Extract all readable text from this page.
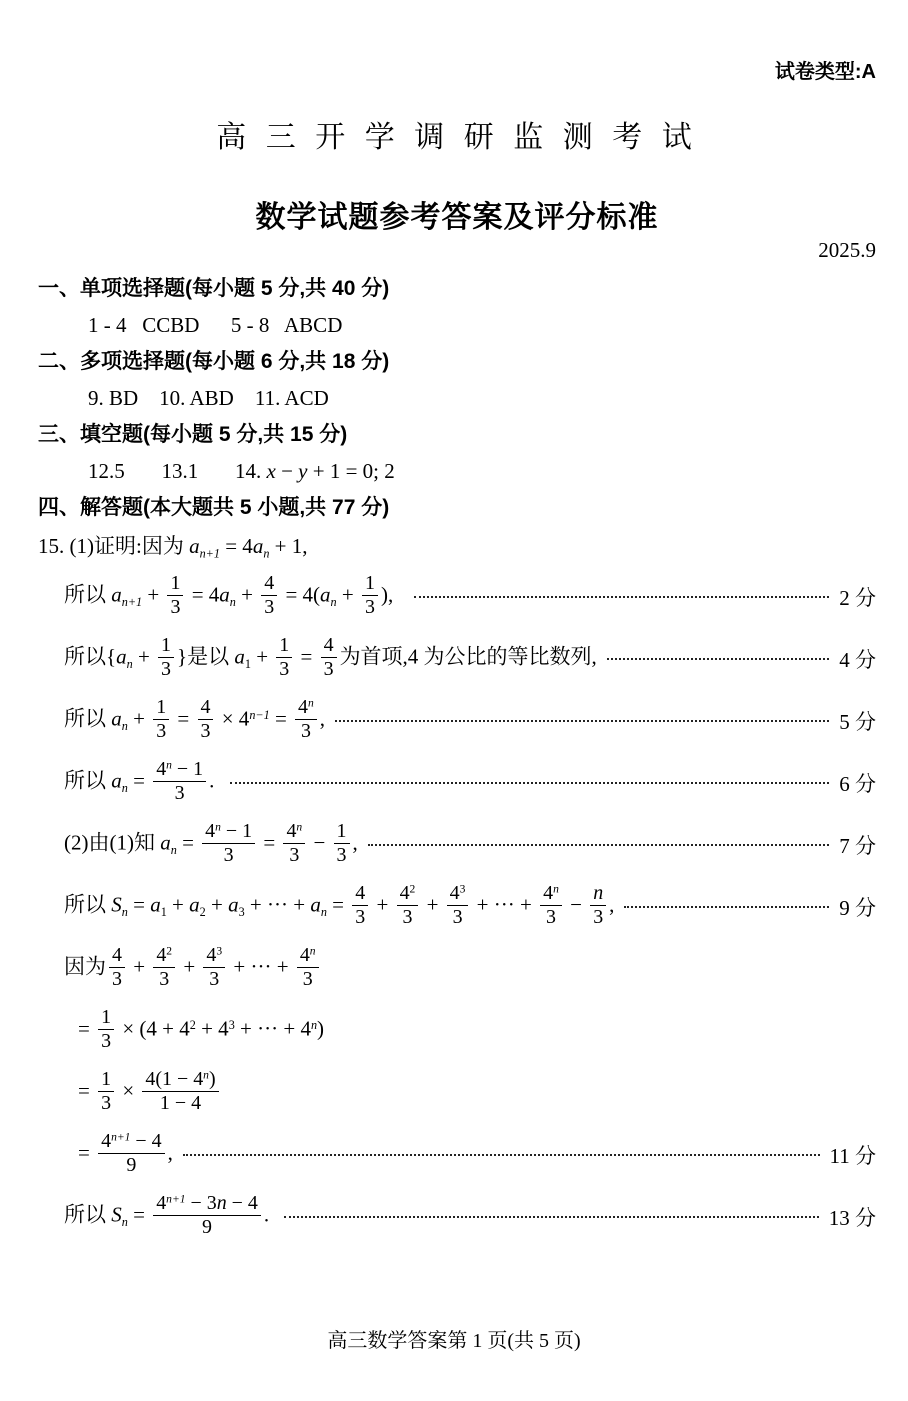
试卷类型:A
高 三 开 学 调 研 监 测 考 试
数学试题参考答案及评分标准
2025.9
一、单项选择题(每小题 5 分,共 40 分)
1 - 4   CCBD      5 - 8   ABCD
二、多项选择题(每小题 6 分,共 18 分)
9. BD    10. ABD    11. ACD
三、填空题(每小题 5 分,共 15 分)
12.5       13.1       14. x − y + 1 = 0; 2
四、解答题(本大题共 5 小题,共 77 分)
15. (1)证明:因为 $a_{n+1} = 4a_n + 1$,
所以 $a_{n+1} + \frac{1}{3} = 4a_n + \frac{4}{3} = 4(a_n + \frac{1}{3}$ ),	2 分
所以{$a_n + \frac{1}{3}$ }是以 $a_1 + \frac{1}{3} = \frac{4}{3}$ 为首项,4 为公比的等比数列,	4 分
所以 $a_n + \frac{1}{3} = \frac{4}{3} \times 4^{n-1} = \frac{4^n}{3}$ ,	5 分
所以 $a_n = \frac{4^n - 1}{3}$ .	6 分
(2)由(1)知 $a_n = \frac{4^n - 1}{3} = \frac{4^n}{3} - \frac{1}{3}$ ,	7 分
所以 $S_n = a_1 + a_2 + a_3$ + ··· + $a_n = \frac{4}{3} + \frac{4^2}{3} + \frac{4^3}{3}$ + ··· + $\frac{4^n}{3} - \frac{n}{3}$ ,	9 分
因为 $\frac{4}{3} + \frac{4^2}{3} + \frac{4^3}{3}$ + ··· + $\frac{4^n}{3}$
= $\frac{1}{3} \times (4 + 4^2 + 4^3$ + ··· + $4^n$)
= $\frac{1}{3} \times \frac{4(1 - 4^n)}{1 - 4}$
= $\frac{4^{n+1} - 4}{9}$ ,	11 分
所以 $S_n = \frac{4^{n+1} - 3n - 4}{9}$ .	13 分
高三数学答案第 1 页(共 5 页)
